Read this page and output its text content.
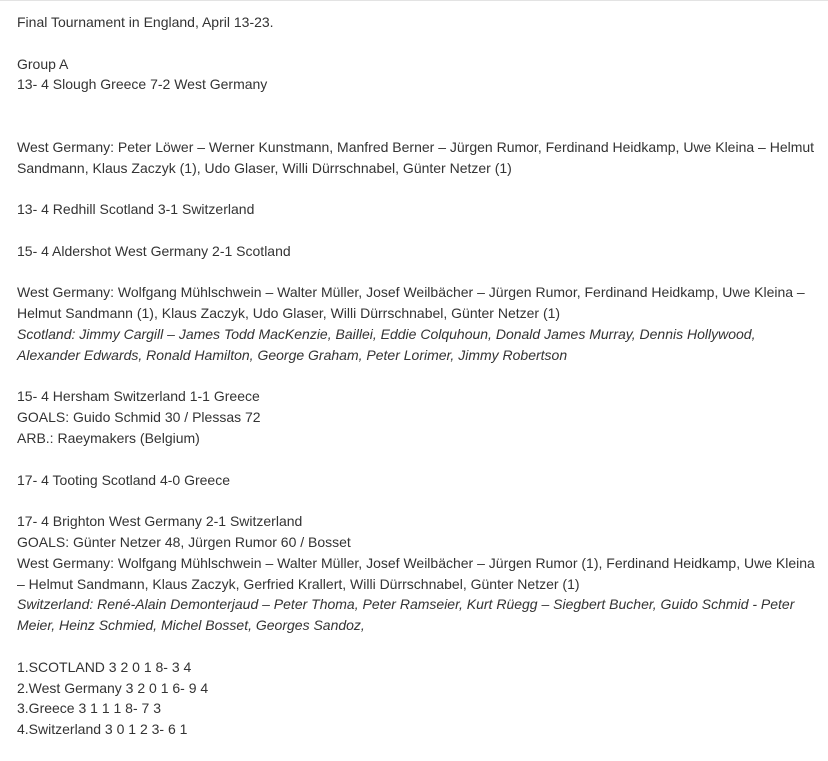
Final Tournament in England, April 13-23.
Group A
13- 4 Slough Greece 7-2 West Germany
West Germany: Peter Löwer – Werner Kunstmann, Manfred Berner – Jürgen Rumor, Ferdinand Heidkamp, Uwe Kleina – Helmut Sandmann, Klaus Zaczyk (1), Udo Glaser, Willi Dürrschnabel, Günter Netzer (1)
13- 4 Redhill Scotland 3-1 Switzerland
15- 4 Aldershot West Germany 2-1 Scotland
West Germany: Wolfgang Mühlschwein – Walter Müller, Josef Weilbächer – Jürgen Rumor, Ferdinand Heidkamp, Uwe Kleina – Helmut Sandmann (1), Klaus Zaczyk, Udo Glaser, Willi Dürrschnabel, Günter Netzer (1)
Scotland: Jimmy Cargill – James Todd MacKenzie, Baillei, Eddie Colquhoun, Donald James Murray, Dennis Hollywood, Alexander Edwards, Ronald Hamilton, George Graham, Peter Lorimer, Jimmy Robertson
15- 4 Hersham Switzerland 1-1 Greece
GOALS: Guido Schmid 30 / Plessas 72
ARB.: Raeymakers (Belgium)
17- 4 Tooting Scotland 4-0 Greece
17- 4 Brighton West Germany 2-1 Switzerland
GOALS: Günter Netzer 48, Jürgen Rumor 60 / Bosset
West Germany: Wolfgang Mühlschwein – Walter Müller, Josef Weilbächer – Jürgen Rumor (1), Ferdinand Heidkamp, Uwe Kleina – Helmut Sandmann, Klaus Zaczyk, Gerfried Krallert, Willi Dürrschnabel, Günter Netzer (1)
Switzerland: René-Alain Demonterjaud – Peter Thoma, Peter Ramseier, Kurt Rüegg – Siegbert Bucher, Guido Schmid - Peter Meier, Heinz Schmied, Michel Bosset, Georges Sandoz,
1.SCOTLAND 3 2 0 1 8- 3 4
2.West Germany 3 2 0 1 6- 9 4
3.Greece 3 1 1 1 8- 7 3
4.Switzerland 3 0 1 2 3- 6 1
